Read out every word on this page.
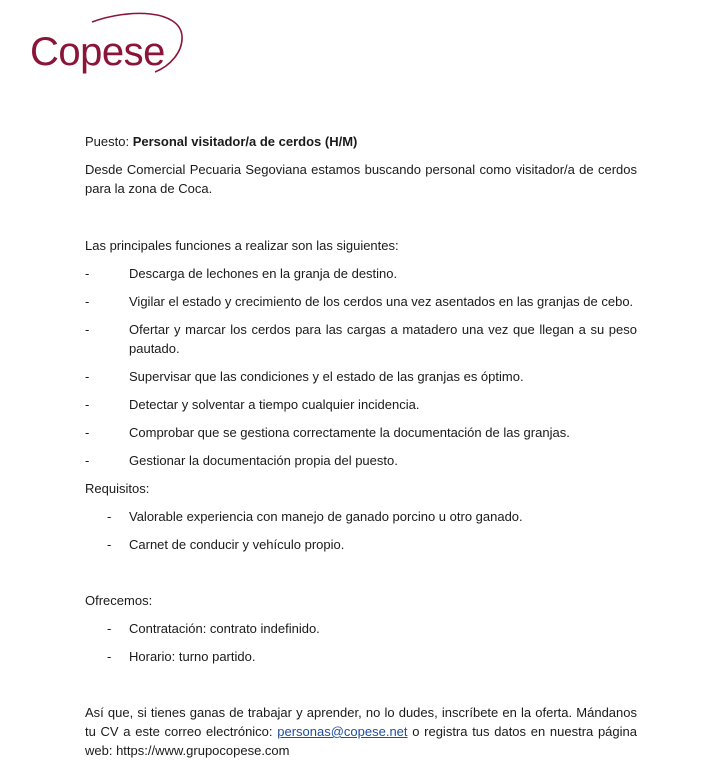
Copese

Puesto: Personal visitador/a de cerdos (H/M)

Desde Comercial Pecuaria Segoviana estamos buscando personal como visitador/a de cerdos para la zona de Coca.

Las principales funciones a realizar son las siguientes:

-	Descarga de lechones en la granja de destino.
-	Vigilar el estado y crecimiento de los cerdos una vez asentados en las granjas de cebo.
-	Ofertar y marcar los cerdos para las cargas a matadero una vez que llegan a su peso pautado.
-	Supervisar que las condiciones y el estado de las granjas es óptimo.
-	Detectar y solventar a tiempo cualquier incidencia.
-	Comprobar que se gestiona correctamente la documentación de las granjas.
-	Gestionar la documentación propia del puesto.

Requisitos:

- Valorable experiencia con manejo de ganado porcino u otro ganado.
- Carnet de conducir y vehículo propio.

Ofrecemos:

- Contratación: contrato indefinido.
- Horario: turno partido.

Así que, si tienes ganas de trabajar y aprender, no lo dudes, inscríbete en la oferta. Mándanos tu CV a este correo electrónico: personas@copese.net o registra tus datos en nuestra página web: https://www.grupocopese.com
